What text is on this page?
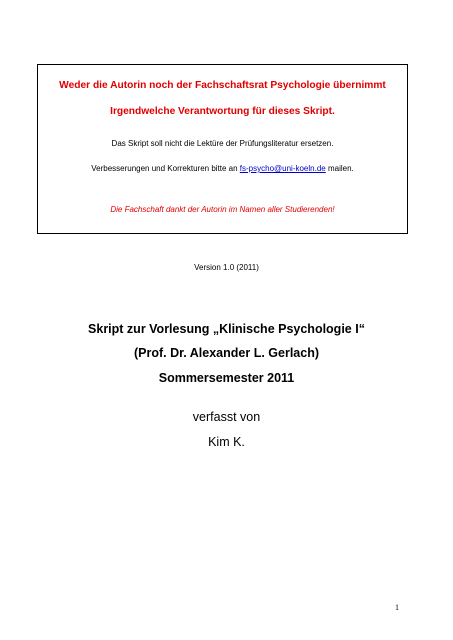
Weder die Autorin noch der Fachschaftsrat Psychologie übernimmt
Irgendwelche Verantwortung für dieses Skript.
Das Skript soll nicht die Lektüre der Prüfungsliteratur ersetzen.
Verbesserungen und Korrekturen bitte an fs-psycho@uni-koeln.de mailen.
Die Fachschaft dankt der Autorin im Namen aller Studierenden!
Version 1.0 (2011)
Skript zur Vorlesung „Klinische Psychologie I“
(Prof. Dr. Alexander L. Gerlach)
Sommersemester 2011
verfasst von
Kim K.
1
